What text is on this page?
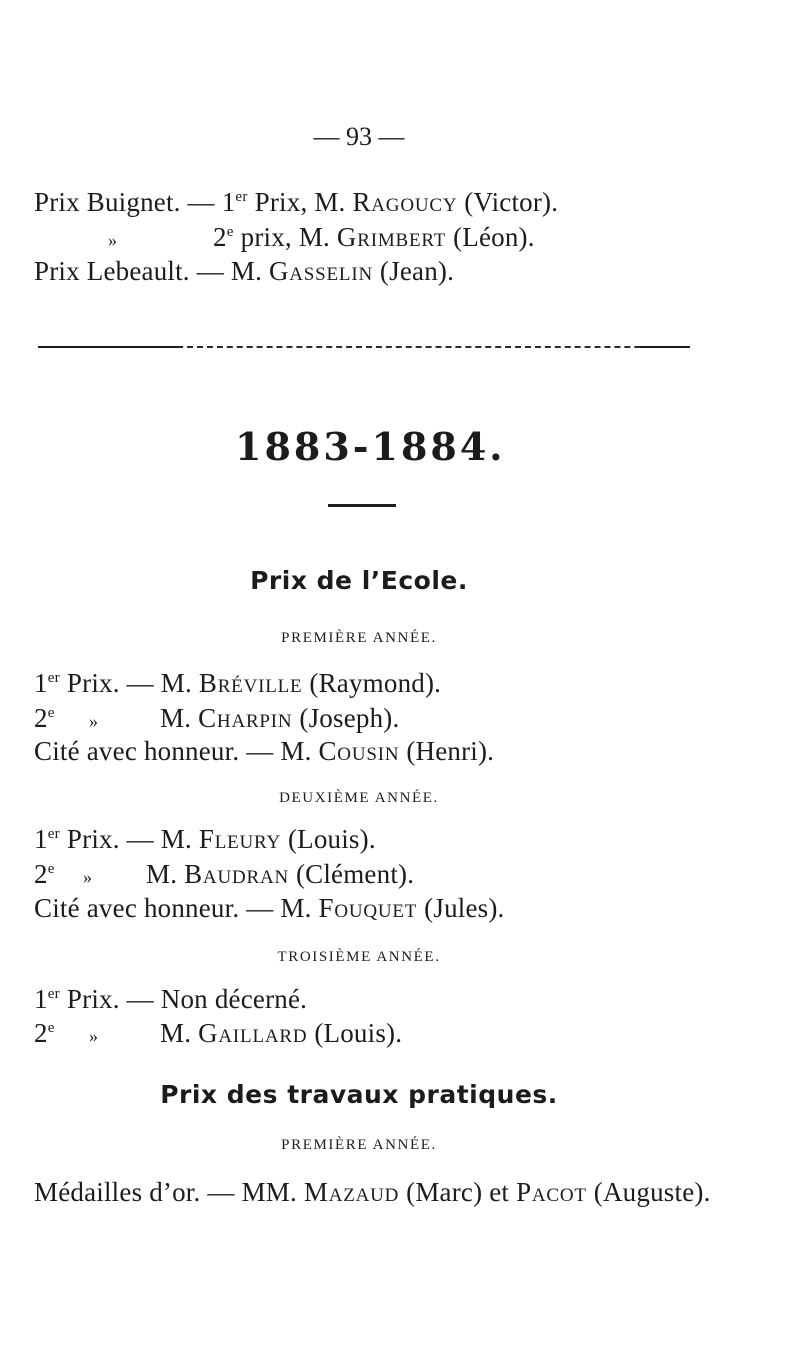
— 93 —
Prix Buignet. — 1er Prix, M. Ragoucy (Victor).
»	2e prix, M. Grimbert (Léon).
Prix Lebeault. — M. Gasselin (Jean).
1883-1884.
Prix de l’Ecole.
PREMIÈRE ANNÉE.
1er Prix. — M. Bréville (Raymond).
2e » M. Charpin (Joseph).
Cité avec honneur. — M. Cousin (Henri).
DEUXIÈME ANNÉE.
1er Prix. — M. Fleury (Louis).
2e » M. Baudran (Clément).
Cité avec honneur. — M. Fouquet (Jules).
TROISIÈME ANNÉE.
1er Prix. — Non décerné.
2e » M. Gaillard (Louis).
Prix des travaux pratiques.
PREMIÈRE ANNÉE.
Médailles d’or. — MM. Mazaud (Marc) et Pacot (Auguste).
